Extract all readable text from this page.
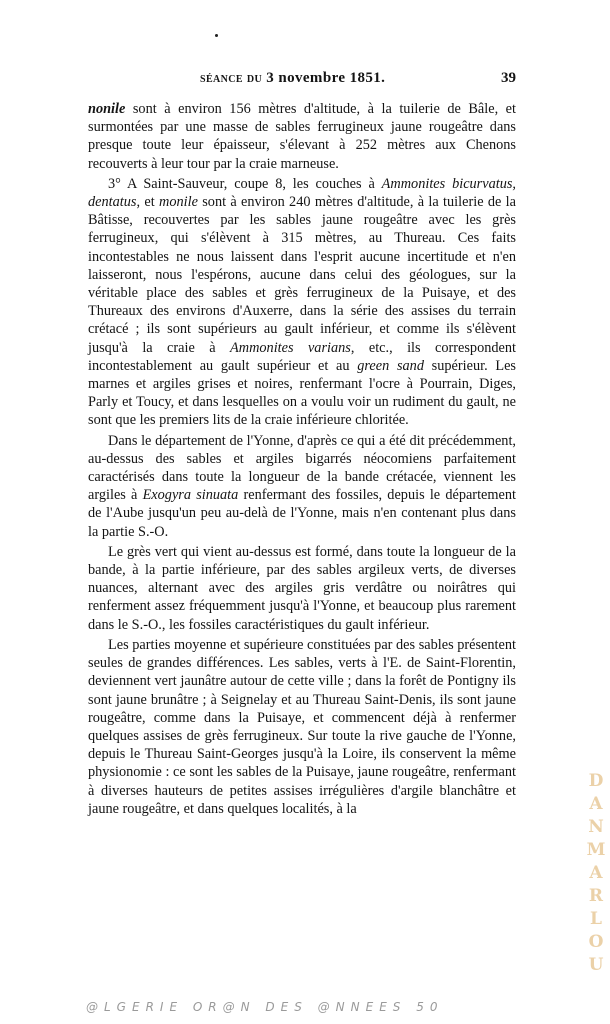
séance du 3 novembre 1851.	39

nonile sont à environ 156 mètres d'altitude, à la tuilerie de Bâle, et surmontées par une masse de sables ferrugineux jaune rougeâtre dans presque toute leur épaisseur, s'élevant à 252 mètres aux Chenons recouverts à leur tour par la craie marneuse.

3° A Saint-Sauveur, coupe 8, les couches à Ammonites bicurvatus, dentatus, et monile sont à environ 240 mètres d'altitude, à la tuilerie de la Bâtisse, recouvertes par les sables jaune rougeâtre avec les grès ferrugineux, qui s'élèvent à 315 mètres, au Thureau. Ces faits incontestables ne nous laissent dans l'esprit aucune incertitude et n'en laisseront, nous l'espérons, aucune dans celui des géologues, sur la véritable place des sables et grès ferrugineux de la Puisaye, et des Thureaux des environs d'Auxerre, dans la série des assises du terrain crétacé ; ils sont supérieurs au gault inférieur, et comme ils s'élèvent jusqu'à la craie à Ammonites varians, etc., ils correspondent incontestablement au gault supérieur et au green sand supérieur. Les marnes et argiles grises et noires, renfermant l'ocre à Pourrain, Diges, Parly et Toucy, et dans lesquelles on a voulu voir un rudiment du gault, ne sont que les premiers lits de la craie inférieure chloritée.

Dans le département de l'Yonne, d'après ce qui a été dit précédemment, au-dessus des sables et argiles bigarrés néocomiens parfaitement caractérisés dans toute la longueur de la bande crétacée, viennent les argiles à Exogyra sinuata renfermant des fossiles, depuis le département de l'Aube jusqu'un peu au-delà de l'Yonne, mais n'en contenant plus dans la partie S.-O.

Le grès vert qui vient au-dessus est formé, dans toute la longueur de la bande, à la partie inférieure, par des sables argileux verts, de diverses nuances, alternant avec des argiles gris verdâtre ou noirâtres qui renferment assez fréquemment jusqu'à l'Yonne, et beaucoup plus rarement dans le S.-O., les fossiles caractéristiques du gault inférieur.

Les parties moyenne et supérieure constituées par des sables présentent seules de grandes différences. Les sables, verts à l'E. de Saint-Florentin, deviennent vert jaunâtre autour de cette ville ; dans la forêt de Pontigny ils sont jaune brunâtre ; à Seignelay et au Thureau Saint-Denis, ils sont jaune rougeâtre, comme dans la Puisaye, et commencent déjà à renfermer quelques assises de grès ferrugineux. Sur toute la rive gauche de l'Yonne, depuis le Thureau Saint-Georges jusqu'à la Loire, ils conservent la même physionomie : ce sont les sables de la Puisaye, jaune rougeâtre, renfermant à diverses hauteurs de petites assises irrégulières d'argile blanchâtre et jaune rougeâtre, et dans quelques localités, à la

D
A
N
M
A
R
L
O
U
@LGERIE OR@N DES @NNEES 50
